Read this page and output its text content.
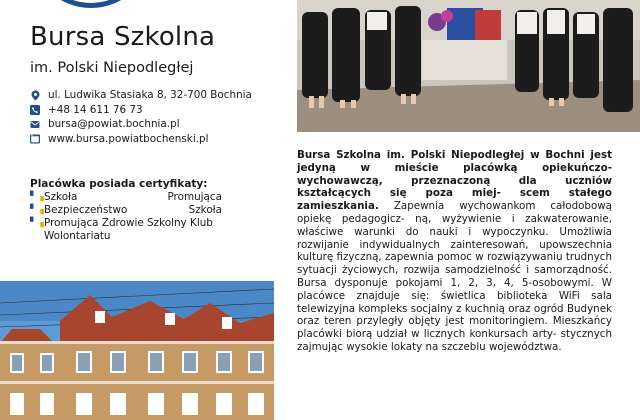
Bursa Szkolna
im. Polski Niepodległej
ul. Ludwika Stasiaka 8, 32-700 Bochnia
+48 14 611 76 73
bursa@powiat.bochnia.pl
www.bursa.powiatbochenski.pl
Placówka posiada certyfikaty:
▘▗ Szkoła	Promująca
▘▗ Bezpieczeństwo	Szkoła
▘▗ Promująca Zdrowie Szkolny Klub Wolontariatu
Bursa Szkolna im. Polski Niepodległej w Bochni jest jedyną w mieście placówką opiekuńczo-wychowawczą, przeznaczoną dla uczniów kształcących się poza miej- scem stałego zamieszkania. Zapewnia wychowankom całodobową opiekę pedagogicz- ną, wyżywienie i zakwaterowanie, właściwe warunki do nauki i wypoczynku. Umożliwia rozwijanie indywidualnych zainteresowań, upowszechnia kulturę fizyczną, zapewnia pomoc w rozwiązywaniu trudnych sytuacji życiowych, rozwija samodzielność i samorządność. Bursa dysponuje pokojami 1, 2, 3, 4, 5-osobowymi. W placówce znajduje się: świetlica biblioteka WiFi sala telewizyjna kompleks socjalny z kuchnią oraz ogród Budynek oraz teren przyległy objęty jest monitoringiem. Mieszkańcy placówki biorą udział w licznych konkursach arty- stycznych zajmując wysokie lokaty na szczeblu województwa.
